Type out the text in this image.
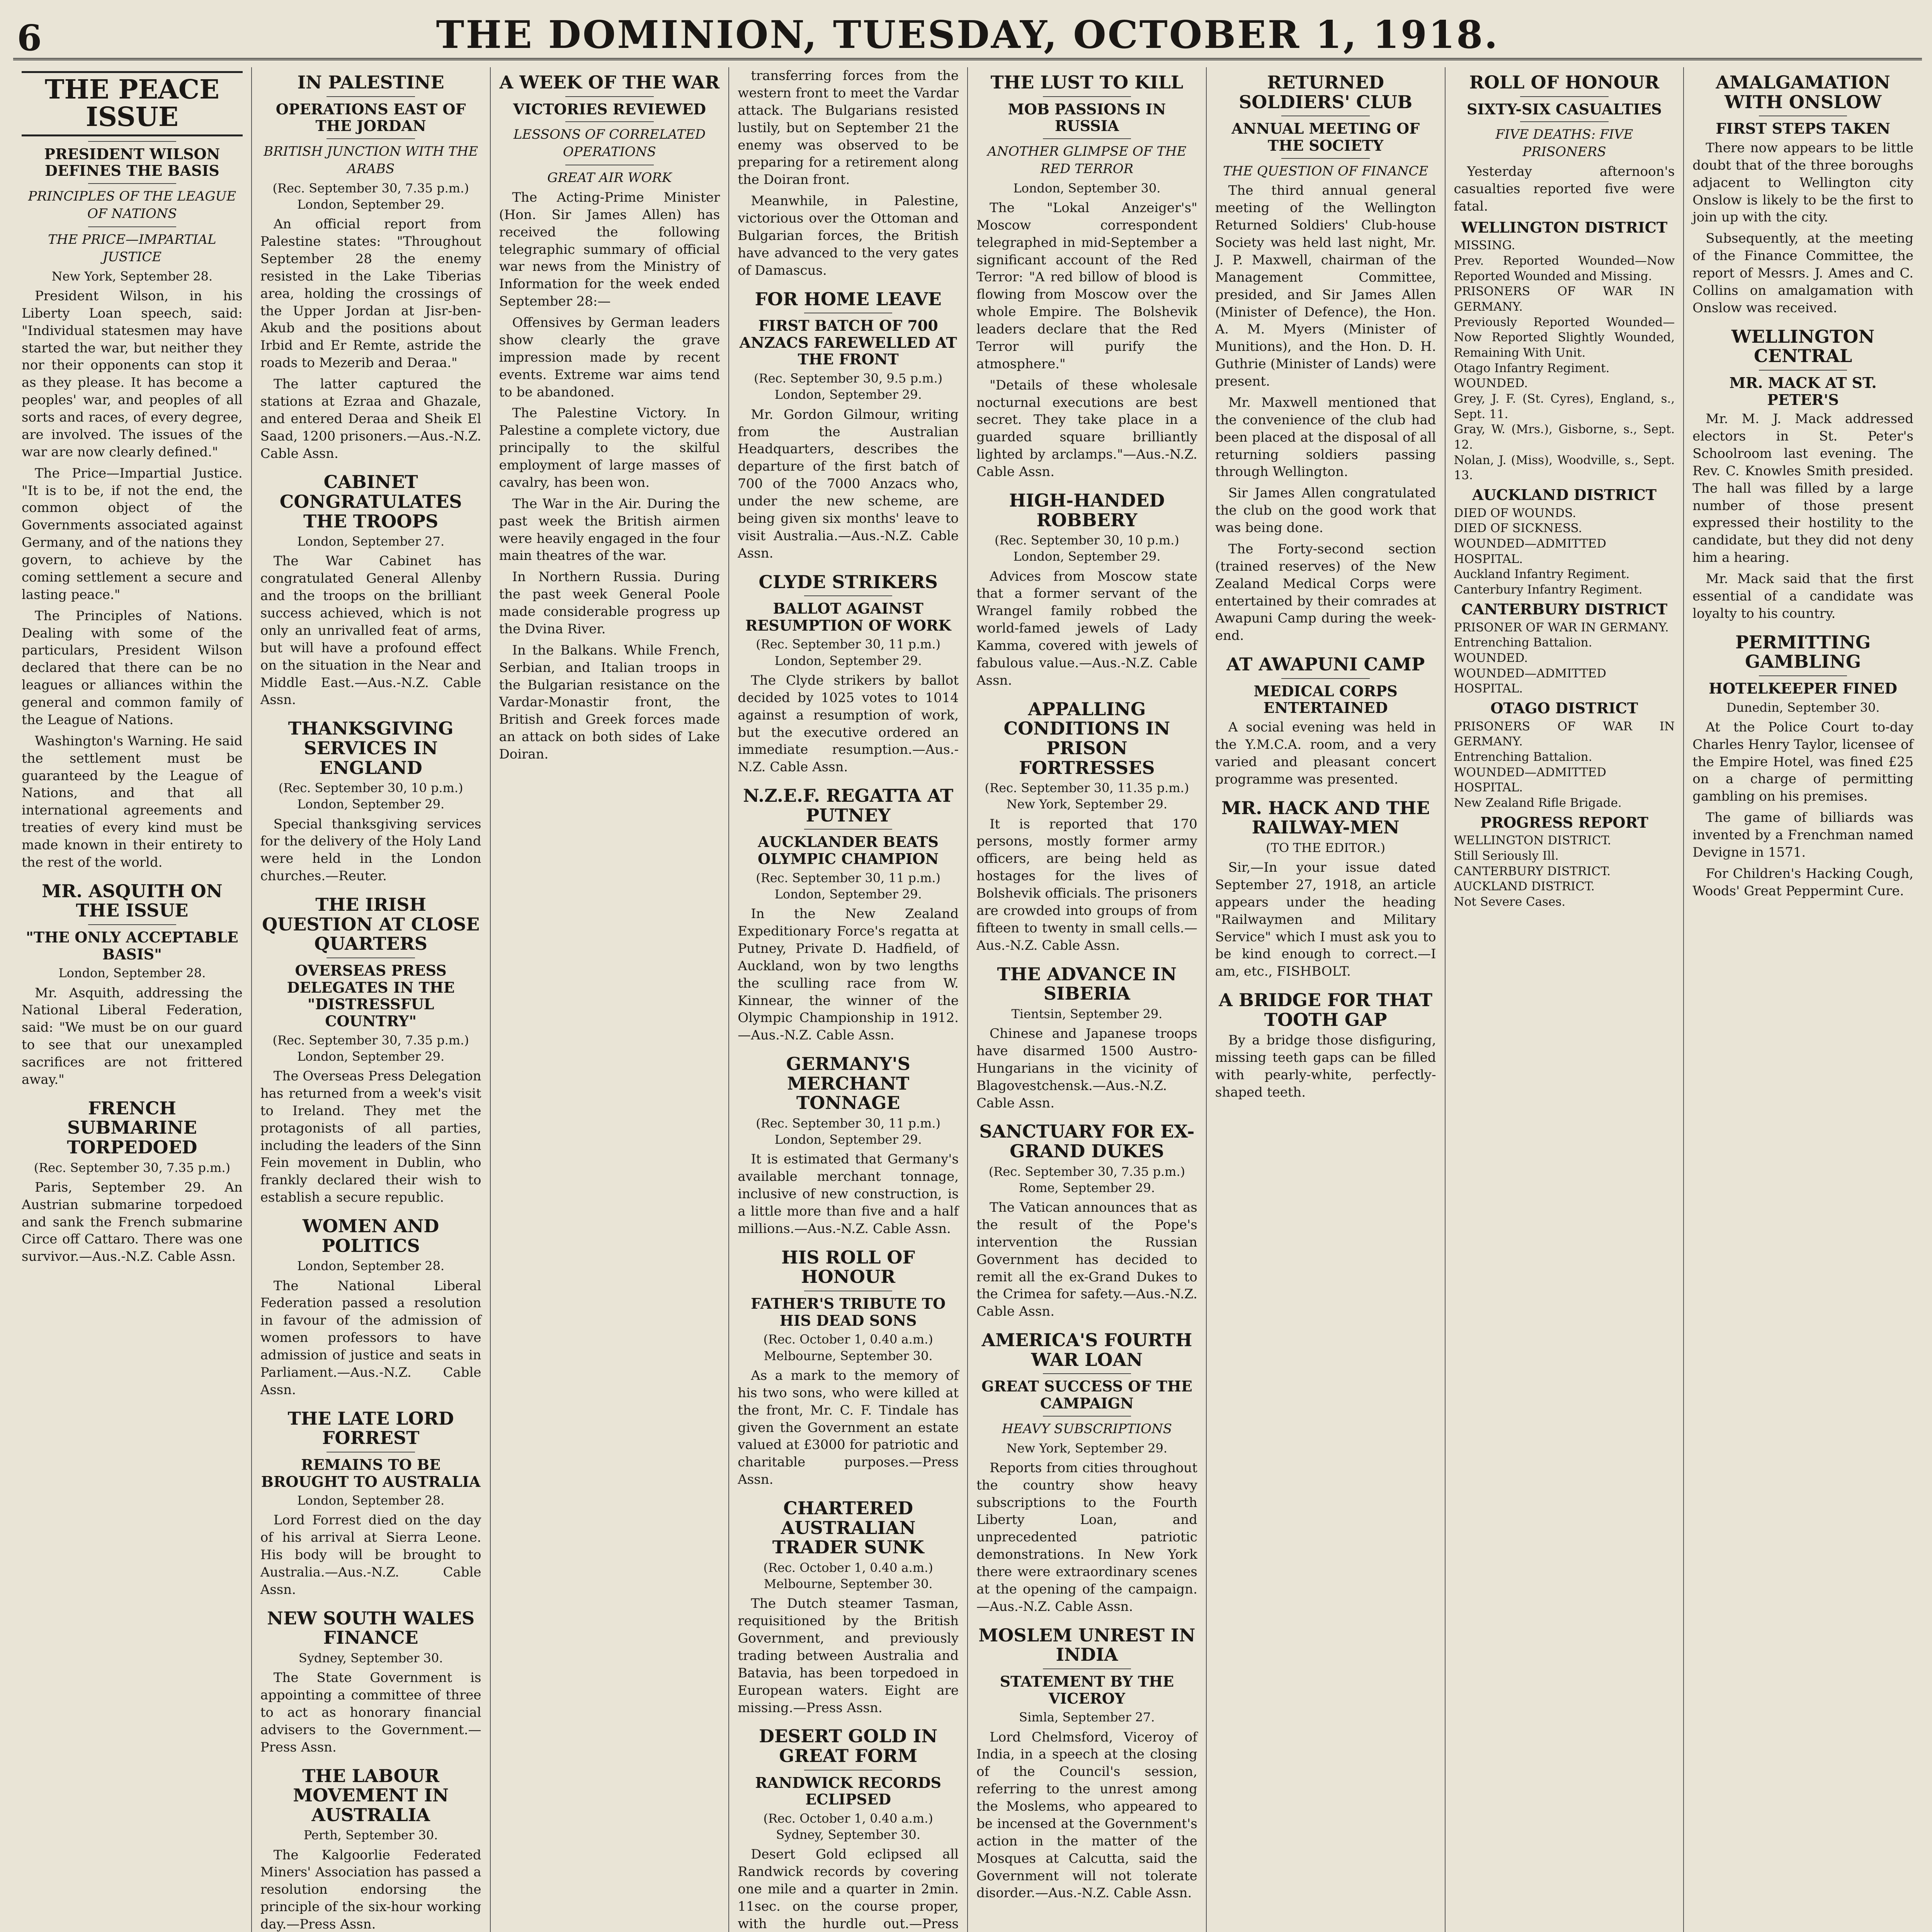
6	THE DOMINION, TUESDAY, OCTOBER 1, 1918.
THE PEACE ISSUE
PRESIDENT WILSON DEFINES THE BASIS
PRINCIPLES OF THE LEAGUE OF NATIONS
THE PRICE—IMPARTIAL JUSTICE
New York, September 28.

President Wilson, in his Liberty Loan speech, said: "Individual statesmen may have started the war, but neither they nor their opponents can stop it as they please. It has become a peoples' war, and peoples of all sorts and races, of every degree, are involved. The issues of the war are now clearly defined."

The Price—Impartial Justice. "It is to be, if not the end, the common object of the Governments associated against Germany, and of the nations they govern, to achieve by the coming settlement a secure and lasting peace."

The Principles of Nations. Dealing with some of the particulars, President Wilson declared that there can be no leagues or alliances within the general and common family of the League of Nations.

Washington's Warning. He said the settlement must be guaranteed by the League of Nations, and that all international agreements and treaties of every kind must be made known in their entirety to the rest of the world.

MR. ASQUITH ON THE ISSUE
"THE ONLY ACCEPTABLE BASIS"
London, September 28.

Mr. Asquith, addressing the National Liberal Federation, said: "We must be on our guard to see that our unexampled sacrifices are not frittered away."

FRENCH SUBMARINE TORPEDOED
(Rec. September 30, 7.35 p.m.)

Paris, September 29. An Austrian submarine torpedoed and sank the French submarine Circe off Cattaro. There was one survivor.—Aus.-N.Z. Cable Assn.

IN PALESTINE
OPERATIONS EAST OF THE JORDAN
BRITISH JUNCTION WITH THE ARABS
(Rec. September 30, 7.35 p.m.) London, September 29.

An official report from Palestine states: "Throughout September 28 the enemy resisted in the Lake Tiberias area, holding the crossings of the Upper Jordan at Jisr-ben-Akub and the positions about Irbid and Er Remte, astride the roads to Mezerib and Deraa."

The latter captured the stations at Ezraa and Ghazale, and entered Deraa and Sheik El Saad, 1200 prisoners.—Aus.-N.Z. Cable Assn.

CABINET CONGRATULATES THE TROOPS
London, September 27.

The War Cabinet has congratulated General Allenby and the troops on the brilliant success achieved, which is not only an unrivalled feat of arms, but will have a profound effect on the situation in the Near and Middle East.—Aus.-N.Z. Cable Assn.

THANKSGIVING SERVICES IN ENGLAND
(Rec. September 30, 10 p.m.) London, September 29.

Special thanksgiving services for the delivery of the Holy Land were held in the London churches.—Reuter.

THE IRISH QUESTION AT CLOSE QUARTERS
OVERSEAS PRESS DELEGATES IN THE "DISTRESSFUL COUNTRY"
(Rec. September 30, 7.35 p.m.) London, September 29.

The Overseas Press Delegation has returned from a week's visit to Ireland. They met the protagonists of all parties, including the leaders of the Sinn Fein movement in Dublin, who frankly declared their wish to establish a secure republic.

WOMEN AND POLITICS
London, September 28.

The National Liberal Federation passed a resolution in favour of the admission of women professors to have admission of justice and seats in Parliament.—Aus.-N.Z. Cable Assn.

THE LATE LORD FORREST
REMAINS TO BE BROUGHT TO AUSTRALIA
London, September 28.

Lord Forrest died on the day of his arrival at Sierra Leone. His body will be brought to Australia.—Aus.-N.Z. Cable Assn.

NEW SOUTH WALES FINANCE
Sydney, September 30.

The State Government is appointing a committee of three to act as honorary financial advisers to the Government.—Press Assn.

THE LABOUR MOVEMENT IN AUSTRALIA
Perth, September 30.

The Kalgoorlie Federated Miners' Association has passed a resolution endorsing the principle of the six-hour working day.—Press Assn.

A WEEK OF THE WAR
VICTORIES REVIEWED
LESSONS OF CORRELATED OPERATIONS
GREAT AIR WORK

The Acting-Prime Minister (Hon. Sir James Allen) has received the following telegraphic summary of official war news from the Ministry of Information for the week ended September 28:—

Offensives by German leaders show clearly the grave impression made by recent events. Extreme war aims tend to be abandoned.

The Palestine Victory. In Palestine a complete victory, due principally to the skilful employment of large masses of cavalry, has been won.

The War in the Air. During the past week the British airmen were heavily engaged in the four main theatres of the war.

In Northern Russia. During the past week General Poole made considerable progress up the Dvina River.

In the Balkans. While French, Serbian, and Italian troops in the Bulgarian resistance on the Vardar-Monastir front, the British and Greek forces made an attack on both sides of Lake Doiran.

transferring forces from the western front to meet the Vardar attack. The Bulgarians resisted lustily, but on September 21 the enemy was observed to be preparing for a retirement along the Doiran front.

Meanwhile, in Palestine, victorious over the Ottoman and Bulgarian forces, the British have advanced to the very gates of Damascus.

FOR HOME LEAVE
FIRST BATCH OF 700 ANZACS FAREWELLED AT THE FRONT
(Rec. September 30, 9.5 p.m.) London, September 29.

Mr. Gordon Gilmour, writing from the Australian Headquarters, describes the departure of the first batch of 700 of the 7000 Anzacs who, under the new scheme, are being given six months' leave to visit Australia.—Aus.-N.Z. Cable Assn.

CLYDE STRIKERS
BALLOT AGAINST RESUMPTION OF WORK
(Rec. September 30, 11 p.m.) London, September 29.

The Clyde strikers by ballot decided by 1025 votes to 1014 against a resumption of work, but the executive ordered an immediate resumption.—Aus.-N.Z. Cable Assn.

N.Z.E.F. REGATTA AT PUTNEY
AUCKLANDER BEATS OLYMPIC CHAMPION
(Rec. September 30, 11 p.m.) London, September 29.

In the New Zealand Expeditionary Force's regatta at Putney, Private D. Hadfield, of Auckland, won by two lengths the sculling race from W. Kinnear, the winner of the Olympic Championship in 1912.—Aus.-N.Z. Cable Assn.

GERMANY'S MERCHANT TONNAGE
(Rec. September 30, 11 p.m.) London, September 29.

It is estimated that Germany's available merchant tonnage, inclusive of new construction, is a little more than five and a half millions.—Aus.-N.Z. Cable Assn.

HIS ROLL OF HONOUR
FATHER'S TRIBUTE TO HIS DEAD SONS
(Rec. October 1, 0.40 a.m.) Melbourne, September 30.

As a mark to the memory of his two sons, who were killed at the front, Mr. C. F. Tindale has given the Government an estate valued at £3000 for patriotic and charitable purposes.—Press Assn.

CHARTERED AUSTRALIAN TRADER SUNK
(Rec. October 1, 0.40 a.m.) Melbourne, September 30.

The Dutch steamer Tasman, requisitioned by the British Government, and previously trading between Australia and Batavia, has been torpedoed in European waters. Eight are missing.—Press Assn.

DESERT GOLD IN GREAT FORM
RANDWICK RECORDS ECLIPSED
(Rec. October 1, 0.40 a.m.) Sydney, September 30.

Desert Gold eclipsed all Randwick records by covering one mile and a quarter in 2min. 11sec. on the course proper, with the hurdle out.—Press

THE LUST TO KILL
MOB PASSIONS IN RUSSIA
ANOTHER GLIMPSE OF THE RED TERROR
London, September 30.

The "Lokal Anzeiger's" Moscow correspondent telegraphed in mid-September a significant account of the Red Terror: "A red billow of blood is flowing from Moscow over the whole Empire. The Bolshevik leaders declare that the Red Terror will purify the atmosphere."

"Details of these wholesale nocturnal executions are best secret. They take place in a guarded square brilliantly lighted by arclamps."—Aus.-N.Z. Cable Assn.

HIGH-HANDED ROBBERY
(Rec. September 30, 10 p.m.) London, September 29.

Advices from Moscow state that a former servant of the Wrangel family robbed the world-famed jewels of Lady Kamma, covered with jewels of fabulous value.—Aus.-N.Z. Cable Assn.

APPALLING CONDITIONS IN PRISON FORTRESSES
(Rec. September 30, 11.35 p.m.) New York, September 29.

It is reported that 170 persons, mostly former army officers, are being held as hostages for the lives of Bolshevik officials. The prisoners are crowded into groups of from fifteen to twenty in small cells.—Aus.-N.Z. Cable Assn.

THE ADVANCE IN SIBERIA
Tientsin, September 29.

Chinese and Japanese troops have disarmed 1500 Austro-Hungarians in the vicinity of Blagovestchensk.—Aus.-N.Z. Cable Assn.

SANCTUARY FOR EX-GRAND DUKES
(Rec. September 30, 7.35 p.m.) Rome, September 29.

The Vatican announces that as the result of the Pope's intervention the Russian Government has decided to remit all the ex-Grand Dukes to the Crimea for safety.—Aus.-N.Z. Cable Assn.

AMERICA'S FOURTH WAR LOAN
GREAT SUCCESS OF THE CAMPAIGN
HEAVY SUBSCRIPTIONS
New York, September 29.

Reports from cities throughout the country show heavy subscriptions to the Fourth Liberty Loan, and unprecedented patriotic demonstrations. In New York there were extraordinary scenes at the opening of the campaign.—Aus.-N.Z. Cable Assn.

MOSLEM UNREST IN INDIA
STATEMENT BY THE VICEROY
Simla, September 27.

Lord Chelmsford, Viceroy of India, in a speech at the closing of the Council's session, referring to the unrest among the Moslems, who appeared to be incensed at the Government's action in the matter of the Mosques at Calcutta, said the Government will not tolerate disorder.—Aus.-N.Z. Cable Assn.

RETURNED SOLDIERS' CLUB
ANNUAL MEETING OF THE SOCIETY
THE QUESTION OF FINANCE

The third annual general meeting of the Wellington Returned Soldiers' Club-house Society was held last night, Mr. J. P. Maxwell, chairman of the Management Committee, presided, and Sir James Allen (Minister of Defence), the Hon. A. M. Myers (Minister of Munitions), and the Hon. D. H. Guthrie (Minister of Lands) were present.

Mr. Maxwell mentioned that the convenience of the club had been placed at the disposal of all returning soldiers passing through Wellington.

Sir James Allen congratulated the club on the good work that was being done.

The Forty-second section (trained reserves) of the New Zealand Medical Corps were entertained by their comrades at Awapuni Camp during the week-end.

AT AWAPUNI CAMP
MEDICAL CORPS ENTERTAINED

A social evening was held in the Y.M.C.A. room, and a very varied and pleasant concert programme was presented.

MR. HACK AND THE RAILWAY-MEN
(TO THE EDITOR.)

Sir,—In your issue dated September 27, 1918, an article appears under the heading "Railwaymen and Military Service" which I must ask you to be kind enough to correct.—I am, etc., FISHBOLT.

A BRIDGE FOR THAT TOOTH GAP

By a bridge those disfiguring, missing teeth gaps can be filled with pearly-white, perfectly-shaped teeth.

ROLL OF HONOUR
SIXTY-SIX CASUALTIES
FIVE DEATHS: FIVE PRISONERS

Yesterday afternoon's casualties reported five were fatal.

WELLINGTON DISTRICT

MISSING.

Prev. Reported Wounded—Now Reported Wounded and Missing.

PRISONERS OF WAR IN GERMANY.

Previously Reported Wounded—Now Reported Slightly Wounded, Remaining With Unit.

Otago Infantry Regiment.

WOUNDED.

Grey, J. F. (St. Cyres), England, s., Sept. 11.

Gray, W. (Mrs.), Gisborne, s., Sept. 12.

Nolan, J. (Miss), Woodville, s., Sept. 13.

AUCKLAND DISTRICT

DIED OF WOUNDS.

DIED OF SICKNESS.

WOUNDED—ADMITTED HOSPITAL.

Auckland Infantry Regiment.

Canterbury Infantry Regiment.

CANTERBURY DISTRICT

PRISONER OF WAR IN GERMANY.

Entrenching Battalion.

WOUNDED.

WOUNDED—ADMITTED HOSPITAL.

OTAGO DISTRICT

PRISONERS OF WAR IN GERMANY.

Entrenching Battalion.

WOUNDED—ADMITTED HOSPITAL.

New Zealand Rifle Brigade.

PROGRESS REPORT

WELLINGTON DISTRICT.

Still Seriously Ill.

CANTERBURY DISTRICT.

AUCKLAND DISTRICT.

Not Severe Cases.

AMALGAMATION WITH ONSLOW
FIRST STEPS TAKEN

There now appears to be little doubt that of the three boroughs adjacent to Wellington city Onslow is likely to be the first to join up with the city.

Subsequently, at the meeting of the Finance Committee, the report of Messrs. J. Ames and C. Collins on amalgamation with Onslow was received.

WELLINGTON CENTRAL
MR. MACK AT ST. PETER'S

Mr. M. J. Mack addressed electors in St. Peter's Schoolroom last evening. The Rev. C. Knowles Smith presided. The hall was filled by a large number of those present expressed their hostility to the candidate, but they did not deny him a hearing.

Mr. Mack said that the first essential of a candidate was loyalty to his country.

PERMITTING GAMBLING
HOTELKEEPER FINED
Dunedin, September 30.

At the Police Court to-day Charles Henry Taylor, licensee of the Empire Hotel, was fined £25 on a charge of permitting gambling on his premises.

The game of billiards was invented by a Frenchman named Devigne in 1571.

For Children's Hacking Cough, Woods' Great Peppermint Cure.
